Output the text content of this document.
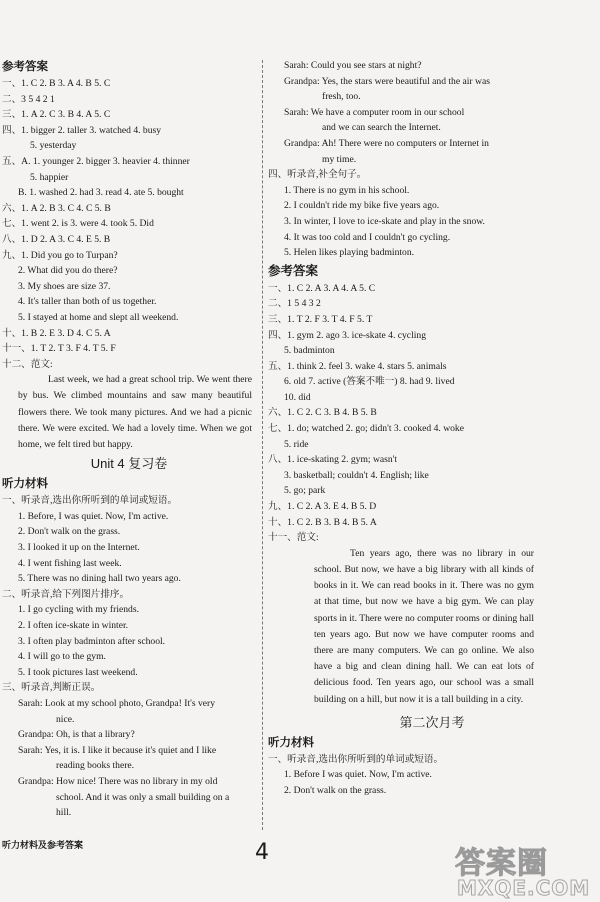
参考答案
一、1. C 2. B 3. A 4. B 5. C
二、3 5 4 2 1
三、1. A 2. C 3. B 4. A 5. C
四、1. bigger 2. taller 3. watched 4. busy
5. yesterday
五、A. 1. younger 2. bigger 3. heavier 4. thinner
5. happier
B. 1. washed 2. had 3. read 4. ate 5. bought
六、1. A 2. B 3. C 4. C 5. B
七、1. went 2. is 3. were 4. took 5. Did
八、1. D 2. A 3. C 4. E 5. B
九、1. Did you go to Turpan?
2. What did you do there?
3. My shoes are size 37.
4. It's taller than both of us together.
5. I stayed at home and slept all weekend.
十、1. B 2. E 3. D 4. C 5. A
十一、1. T 2. T 3. F 4. T 5. F
十二、范文:
Last week, we had a great school trip. We went there by bus. We climbed mountains and saw many beautiful flowers there. We took many pictures. And we had a picnic there. We were excited. We had a lovely time. When we got home, we felt tired but happy.
Unit 4 复习卷
听力材料
一、听录音,选出你所听到的单词或短语。
1. Before, I was quiet. Now, I'm active.
2. Don't walk on the grass.
3. I looked it up on the Internet.
4. I went fishing last week.
5. There was no dining hall two years ago.
二、听录音,给下列图片排序。
1. I go cycling with my friends.
2. I often ice-skate in winter.
3. I often play badminton after school.
4. I will go to the gym.
5. I took pictures last weekend.
三、听录音,判断正误。
Sarah: Look at my school photo, Grandpa! It's very
nice.
Grandpa: Oh, is that a library?
Sarah: Yes, it is. I like it because it's quiet and I like
reading books there.
Grandpa: How nice! There was no library in my old
school. And it was only a small building on a
hill.
Sarah: Could you see stars at night?
Grandpa: Yes, the stars were beautiful and the air was
fresh, too.
Sarah: We have a computer room in our school
and we can search the Internet.
Grandpa: Ah! There were no computers or Internet in
my time.
四、听录音,补全句子。
1. There is no gym in his school.
2. I couldn't ride my bike five years ago.
3. In winter, I love to ice-skate and play in the snow.
4. It was too cold and I couldn't go cycling.
5. Helen likes playing badminton.
参考答案
一、1. C 2. A 3. A 4. A 5. C
二、1 5 4 3 2
三、1. T 2. F 3. T 4. F 5. T
四、1. gym 2. ago 3. ice-skate 4. cycling
5. badminton
五、1. think 2. feel 3. wake 4. stars 5. animals
6. old 7. active (答案不唯一) 8. had 9. lived
10. did
六、1. C 2. C 3. B 4. B 5. B
七、1. do; watched 2. go; didn't 3. cooked 4. woke
5. ride
八、1. ice-skating 2. gym; wasn't
3. basketball; couldn't 4. English; like
5. go; park
九、1. C 2. A 3. E 4. B 5. D
十、1. C 2. B 3. B 4. B 5. A
十一、范文:
Ten years ago, there was no library in our school. But now, we have a big library with all kinds of books in it. We can read books in it. There was no gym at that time, but now we have a big gym. We can play sports in it. There were no computer rooms or dining hall ten years ago. But now we have computer rooms and there are many computers. We can go online. We also have a big and clean dining hall. We can eat lots of delicious food. Ten years ago, our school was a small building on a hill, but now it is a tall building in a city.
第二次月考
听力材料
一、听录音,选出你所听到的单词或短语。
1. Before I was quiet. Now, I'm active.
2. Don't walk on the grass.
听力材料及参考答案	4	答案圈
MXQE.COM
